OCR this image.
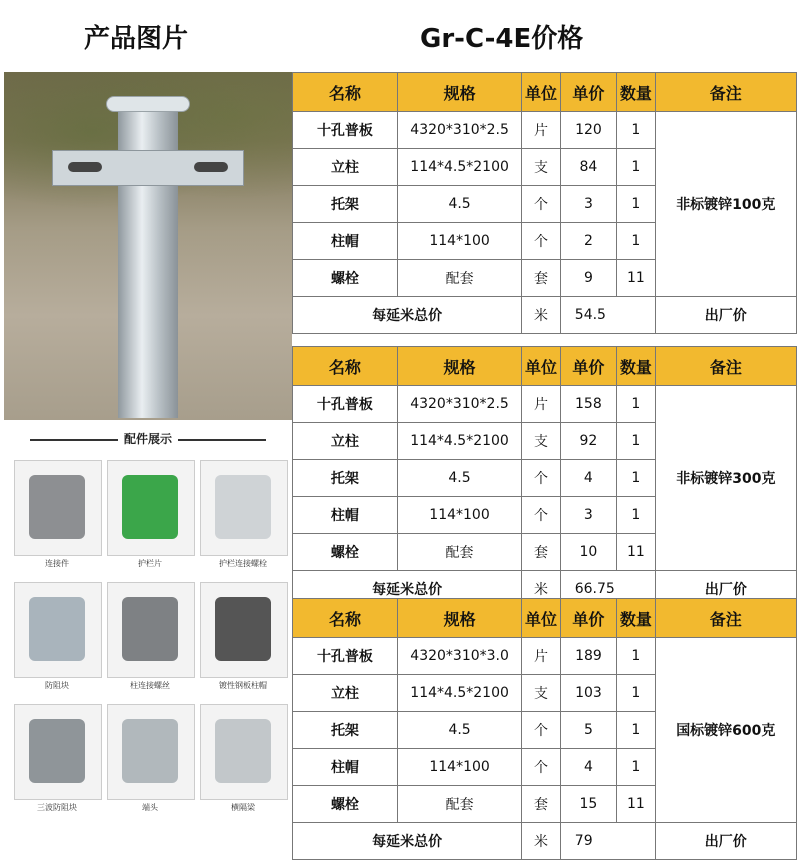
产品图片	Gr-C-4E价格
配件展示
连接件	护栏片	护栏连接螺栓
防阻块	柱连接螺丝	镀性钢板柱帽
三波防阻块	端头	横隔梁
名称	规格	单位	单价	数量	备注
十孔普板	4320*310*2.5	片	120	1	非标镀锌100克
立柱	114*4.5*2100	支	84	1	
托架	4.5	个	3	1	
柱帽	114*100	个	2	1	
螺栓	配套	套	9	11	
每延米总价		米	54.5		出厂价
名称	规格	单位	单价	数量	备注
十孔普板	4320*310*2.5	片	158	1	非标镀锌300克
立柱	114*4.5*2100	支	92	1	
托架	4.5	个	4	1	
柱帽	114*100	个	3	1	
螺栓	配套	套	10	11	
每延米总价		米	66.75		出厂价
名称	规格	单位	单价	数量	备注
十孔普板	4320*310*3.0	片	189	1	国标镀锌600克
立柱	114*4.5*2100	支	103	1	
托架	4.5	个	5	1	
柱帽	114*100	个	4	1	
螺栓	配套	套	15	11	
每延米总价		米	79		出厂价
